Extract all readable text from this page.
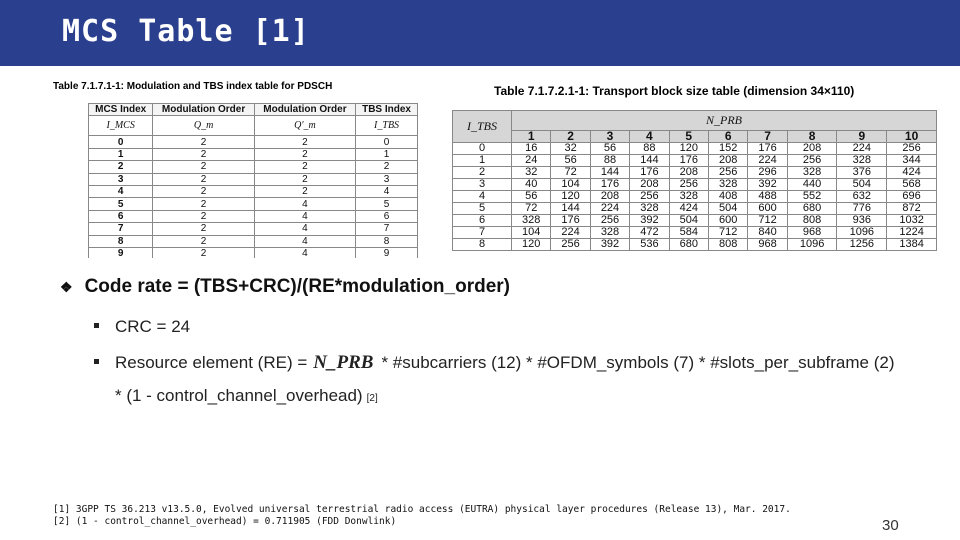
MCS Table [1]
Table 7.1.7.1-1: Modulation and TBS index table for PDSCH	Table 7.1.7.2.1-1: Transport block size table (dimension 34×110)
MCS Index	Modulation Order	Modulation Order	TBS Index
I_MCS	Q_m	Q'_m	I_TBS
0	2	2	0
1	2	2	1
2	2	2	2
3	2	2	3
4	2	2	4
5	2	4	5
6	2	4	6
7	2	4	7
8	2	4	8
9	2	4	9
I_TBS	N_PRB									
	1	2	3	4	5	6	7	8	9	10
0	16	32	56	88	120	152	176	208	224	256
1	24	56	88	144	176	208	224	256	328	344
2	32	72	144	176	208	256	296	328	376	424
3	40	104	176	208	256	328	392	440	504	568
4	56	120	208	256	328	408	488	552	632	696
5	72	144	224	328	424	504	600	680	776	872
6	328	176	256	392	504	600	712	808	936	1032
7	104	224	328	472	584	712	840	968	1096	1224
8	120	256	392	536	680	808	968	1096	1256	1384
❖ Code rate = (TBS+CRC)/(RE*modulation_order)
CRC = 24
Resource element (RE) = N_PRB * #subcarriers (12) * #OFDM_symbols (7) * #slots_per_subframe (2)
* (1 - control_channel_overhead) [2]
[1] 3GPP TS 36.213 v13.5.0, Evolved universal terrestrial radio access (EUTRA) physical layer procedures (Release 13), Mar. 2017.
[2] (1 - control_channel_overhead) = 0.711905 (FDD Donwlink)	30
